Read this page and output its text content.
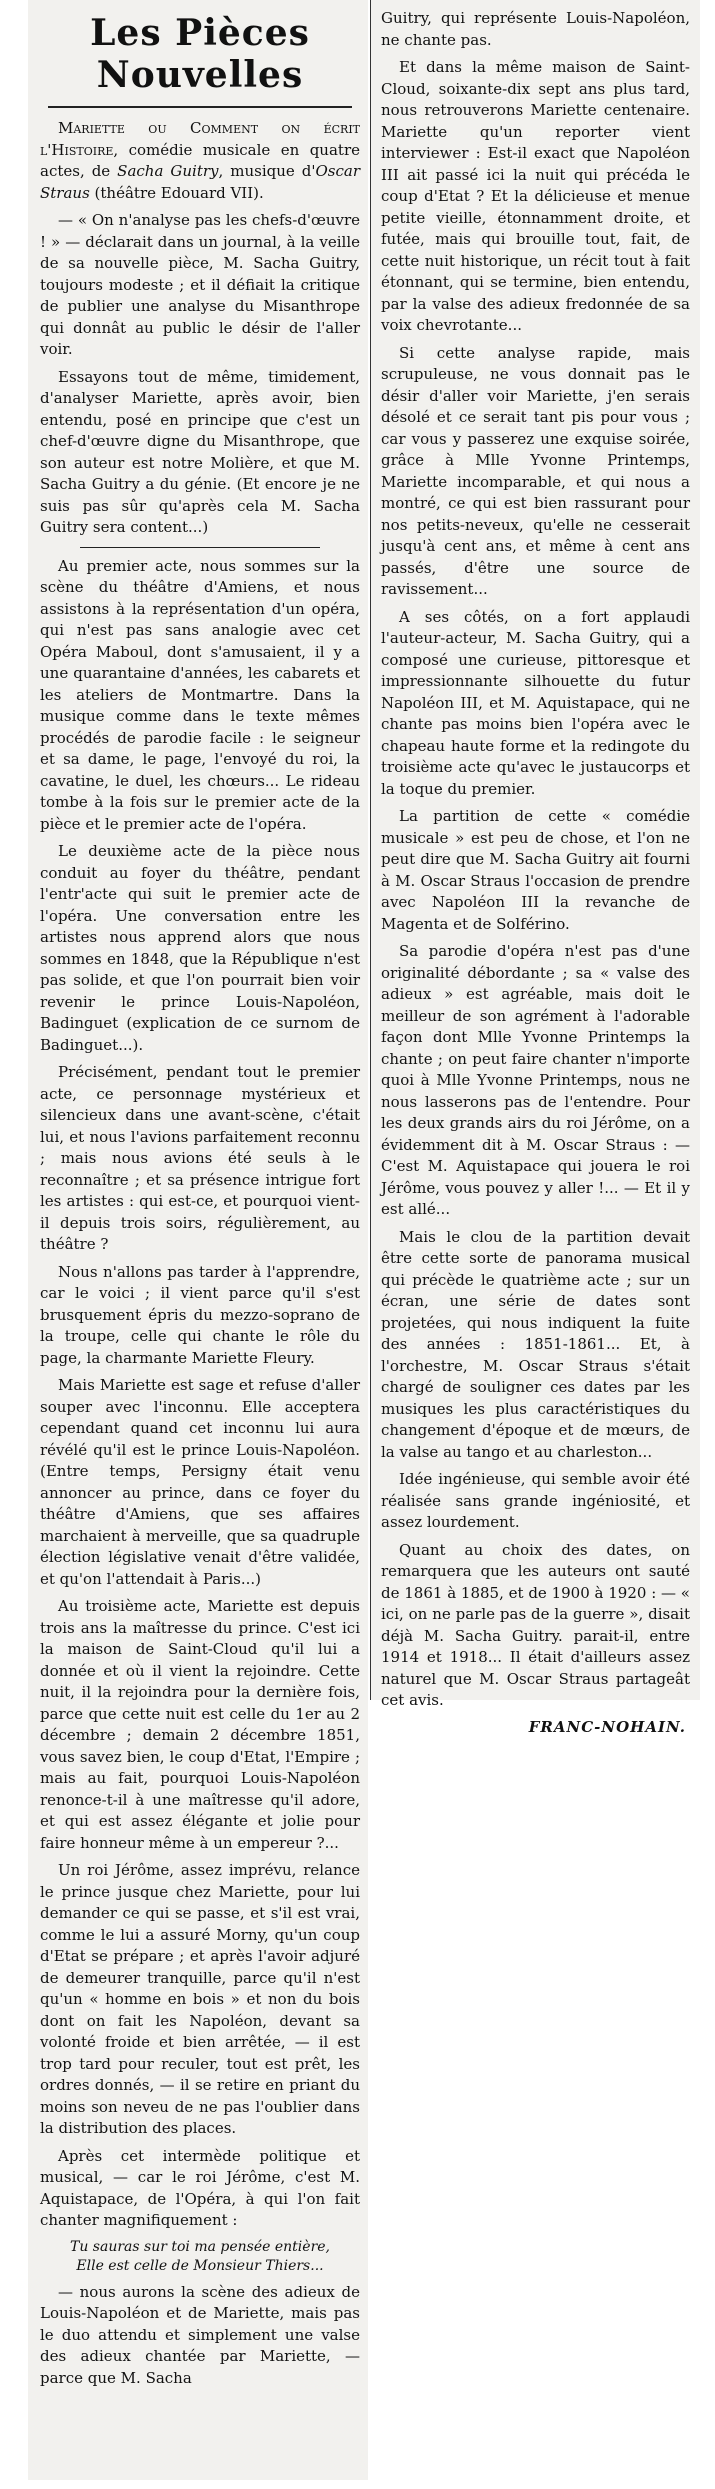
Les Pièces Nouvelles

Mariette ou Comment on écrit l'Histoire, comédie musicale en quatre actes, de Sacha Guitry, musique d'Oscar Straus (théâtre Edouard VII).

— « On n'analyse pas les chefs-d'œuvre ! » — déclarait dans un journal, à la veille de sa nouvelle pièce, M. Sacha Guitry, toujours modeste ; et il défiait la critique de publier une analyse du Misanthrope qui donnât au public le désir de l'aller voir.

Essayons tout de même, timidement, d'analyser Mariette, après avoir, bien entendu, posé en principe que c'est un chef-d'œuvre digne du Misanthrope, que son auteur est notre Molière, et que M. Sacha Guitry a du génie. (Et encore je ne suis pas sûr qu'après cela M. Sacha Guitry sera content...)

Au premier acte, nous sommes sur la scène du théâtre d'Amiens, et nous assistons à la représentation d'un opéra, qui n'est pas sans analogie avec cet Opéra Maboul, dont s'amusaient, il y a une quarantaine d'années, les cabarets et les ateliers de Montmartre. Dans la musique comme dans le texte mêmes procédés de parodie facile : le seigneur et sa dame, le page, l'envoyé du roi, la cavatine, le duel, les chœurs... Le rideau tombe à la fois sur le premier acte de la pièce et le premier acte de l'opéra.

Le deuxième acte de la pièce nous conduit au foyer du théâtre, pendant l'entr'acte qui suit le premier acte de l'opéra. Une conversation entre les artistes nous apprend alors que nous sommes en 1848, que la République n'est pas solide, et que l'on pourrait bien voir revenir le prince Louis-Napoléon, Badinguet (explication de ce surnom de Badinguet...).

Précisément, pendant tout le premier acte, ce personnage mystérieux et silencieux dans une avant-scène, c'était lui, et nous l'avions parfaitement reconnu ; mais nous avions été seuls à le reconnaître ; et sa présence intrigue fort les artistes : qui est-ce, et pourquoi vient-il depuis trois soirs, régulièrement, au théâtre ?

Nous n'allons pas tarder à l'apprendre, car le voici ; il vient parce qu'il s'est brusquement épris du mezzo-soprano de la troupe, celle qui chante le rôle du page, la charmante Mariette Fleury.

Mais Mariette est sage et refuse d'aller souper avec l'inconnu. Elle acceptera cependant quand cet inconnu lui aura révélé qu'il est le prince Louis-Napoléon. (Entre temps, Persigny était venu annoncer au prince, dans ce foyer du théâtre d'Amiens, que ses affaires marchaient à merveille, que sa quadruple élection législative venait d'être validée, et qu'on l'attendait à Paris...)

Au troisième acte, Mariette est depuis trois ans la maîtresse du prince. C'est ici la maison de Saint-Cloud qu'il lui a donnée et où il vient la rejoindre. Cette nuit, il la rejoindra pour la dernière fois, parce que cette nuit est celle du 1er au 2 décembre ; demain 2 décembre 1851, vous savez bien, le coup d'Etat, l'Empire ; mais au fait, pourquoi Louis-Napoléon renonce-t-il à une maîtresse qu'il adore, et qui est assez élégante et jolie pour faire honneur même à un empereur ?...

Un roi Jérôme, assez imprévu, relance le prince jusque chez Mariette, pour lui demander ce qui se passe, et s'il est vrai, comme le lui a assuré Morny, qu'un coup d'Etat se prépare ; et après l'avoir adjuré de demeurer tranquille, parce qu'il n'est qu'un « homme en bois » et non du bois dont on fait les Napoléon, devant sa volonté froide et bien arrêtée, — il est trop tard pour reculer, tout est prêt, les ordres donnés, — il se retire en priant du moins son neveu de ne pas l'oublier dans la distribution des places.

Après cet intermède politique et musical, — car le roi Jérôme, c'est M. Aquistapace, de l'Opéra, à qui l'on fait chanter magnifiquement :

Tu sauras sur toi ma pensée entière,
Elle est celle de Monsieur Thiers...

— nous aurons la scène des adieux de Louis-Napoléon et de Mariette, mais pas le duo attendu et simplement une valse des adieux chantée par Mariette, — parce que M. Sacha

Guitry, qui représente Louis-Napoléon, ne chante pas.

Et dans la même maison de Saint-Cloud, soixante-dix sept ans plus tard, nous retrouverons Mariette centenaire. Mariette qu'un reporter vient interviewer : Est-il exact que Napoléon III ait passé ici la nuit qui précéda le coup d'Etat ? Et la délicieuse et menue petite vieille, étonnamment droite, et futée, mais qui brouille tout, fait, de cette nuit historique, un récit tout à fait étonnant, qui se termine, bien entendu, par la valse des adieux fredonnée de sa voix chevrotante...

Si cette analyse rapide, mais scrupuleuse, ne vous donnait pas le désir d'aller voir Mariette, j'en serais désolé et ce serait tant pis pour vous ; car vous y passerez une exquise soirée, grâce à Mlle Yvonne Printemps, Mariette incomparable, et qui nous a montré, ce qui est bien rassurant pour nos petits-neveux, qu'elle ne cesserait jusqu'à cent ans, et même à cent ans passés, d'être une source de ravissement...

A ses côtés, on a fort applaudi l'auteur-acteur, M. Sacha Guitry, qui a composé une curieuse, pittoresque et impressionnante silhouette du futur Napoléon III, et M. Aquistapace, qui ne chante pas moins bien l'opéra avec le chapeau haute forme et la redingote du troisième acte qu'avec le justaucorps et la toque du premier.

La partition de cette « comédie musicale » est peu de chose, et l'on ne peut dire que M. Sacha Guitry ait fourni à M. Oscar Straus l'occasion de prendre avec Napoléon III la revanche de Magenta et de Solférino.

Sa parodie d'opéra n'est pas d'une originalité débordante ; sa « valse des adieux » est agréable, mais doit le meilleur de son agrément à l'adorable façon dont Mlle Yvonne Printemps la chante ; on peut faire chanter n'importe quoi à Mlle Yvonne Printemps, nous ne nous lasserons pas de l'entendre. Pour les deux grands airs du roi Jérôme, on a évidemment dit à M. Oscar Straus : — C'est M. Aquistapace qui jouera le roi Jérôme, vous pouvez y aller !... — Et il y est allé...

Mais le clou de la partition devait être cette sorte de panorama musical qui précède le quatrième acte ; sur un écran, une série de dates sont projetées, qui nous indiquent la fuite des années : 1851-1861... Et, à l'orchestre, M. Oscar Straus s'était chargé de souligner ces dates par les musiques les plus caractéristiques du changement d'époque et de mœurs, de la valse au tango et au charleston...

Idée ingénieuse, qui semble avoir été réalisée sans grande ingéniosité, et assez lourdement.

Quant au choix des dates, on remarquera que les auteurs ont sauté de 1861 à 1885, et de 1900 à 1920 : — « ici, on ne parle pas de la guerre », disait déjà M. Sacha Guitry. parait-il, entre 1914 et 1918... Il était d'ailleurs assez naturel que M. Oscar Straus partageât cet avis.

FRANC-NOHAIN.
